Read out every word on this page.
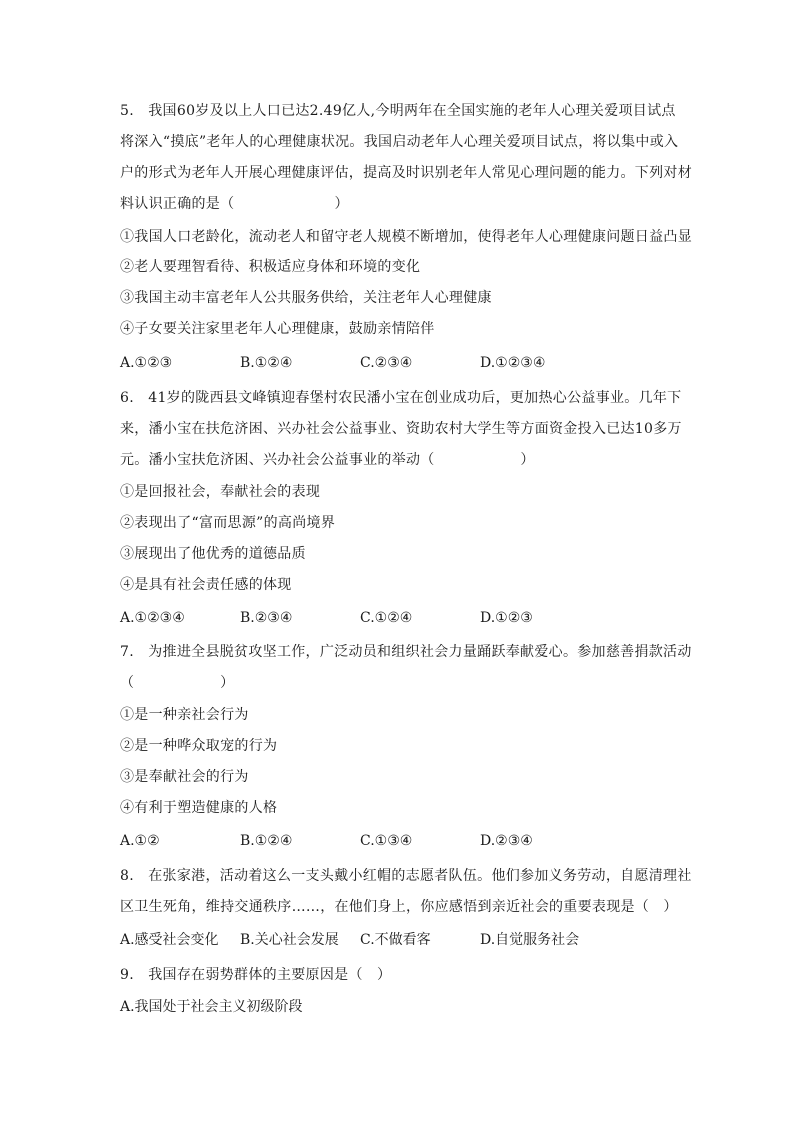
5.　我国60岁及以上人口已达2.49亿人,今明两年在全国实施的老年人心理关爱项目试点
将深入“摸底”老年人的心理健康状况。我国启动老年人心理关爱项目试点，将以集中或入
户的形式为老年人开展心理健康评估，提高及时识别老年人常见心理问题的能力。下列对材
料认识正确的是（　　　　　　　）
①我国人口老龄化，流动老人和留守老人规模不断增加，使得老年人心理健康问题日益凸显
②老人要理智看待、积极适应身体和环境的变化
③我国主动丰富老年人公共服务供给，关注老年人心理健康
④子女要关注家里老年人心理健康，鼓励亲情陪伴
A.①②③	B.①②④	C.②③④	D.①②③④
6.　41岁的陇西县文峰镇迎春堡村农民潘小宝在创业成功后，更加热心公益事业。几年下
来，潘小宝在扶危济困、兴办社会公益事业、资助农村大学生等方面资金投入已达10多万
元。潘小宝扶危济困、兴办社会公益事业的举动（　　　　　　）
①是回报社会，奉献社会的表现
②表现出了“富而思源”的高尚境界
③展现出了他优秀的道德品质
④是具有社会责任感的体现
A.①②③④	B.②③④	C.①②④	D.①②③
7.　为推进全县脱贫攻坚工作，广泛动员和组织社会力量踊跃奉献爱心。参加慈善捐款活动
（　　　　　　）
①是一种亲社会行为
②是一种哗众取宠的行为
③是奉献社会的行为
④有利于塑造健康的人格
A.①②	B.①②④	C.①③④	D.②③④
8.　在张家港，活动着这么一支头戴小红帽的志愿者队伍。他们参加义务劳动，自愿清理社
区卫生死角，维持交通秩序……，在他们身上，你应感悟到亲近社会的重要表现是（　）
A.感受社会变化 B.关心社会发展 C.不做看客	D.自觉服务社会
9.　我国存在弱势群体的主要原因是（　）
A.我国处于社会主义初级阶段
